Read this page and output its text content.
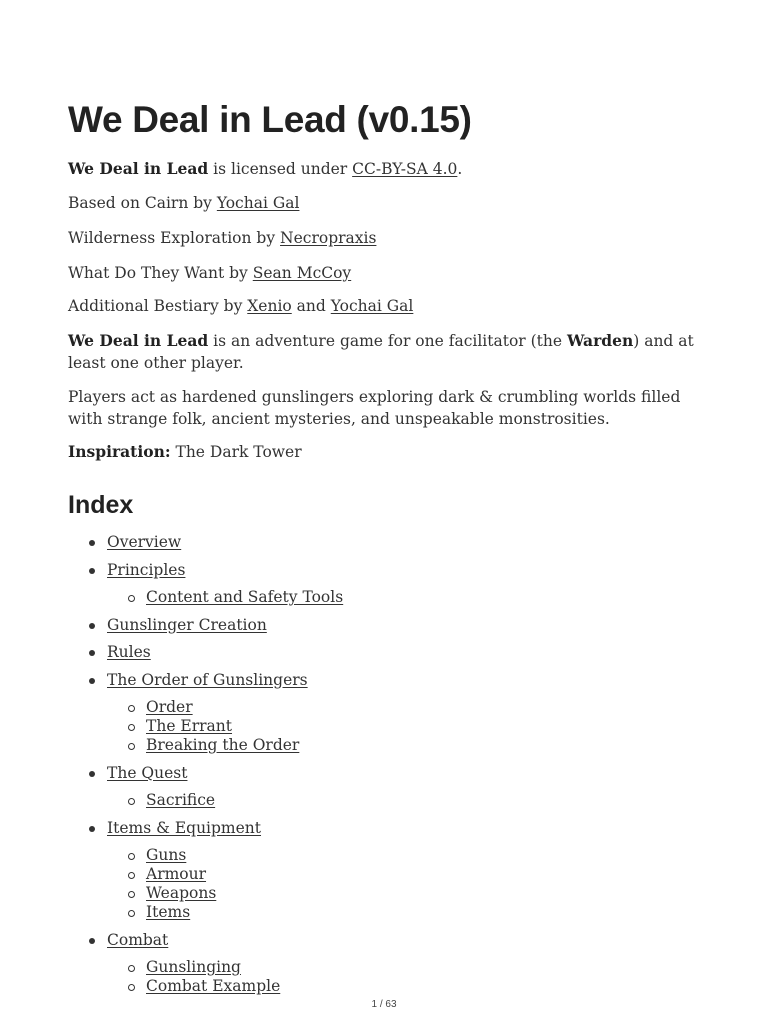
We Deal in Lead (v0.15)
We Deal in Lead is licensed under CC-BY-SA 4.0.
Based on Cairn by Yochai Gal
Wilderness Exploration by Necropraxis
What Do They Want by Sean McCoy
Additional Bestiary by Xenio and Yochai Gal
We Deal in Lead is an adventure game for one facilitator (the Warden) and at least one other player.
Players act as hardened gunslingers exploring dark & crumbling worlds filled with strange folk, ancient mysteries, and unspeakable monstrosities.
Inspiration: The Dark Tower
Index
Overview
Principles
Content and Safety Tools
Gunslinger Creation
Rules
The Order of Gunslingers
Order
The Errant
Breaking the Order
The Quest
Sacrifice
Items & Equipment
Guns
Armour
Weapons
Items
Combat
Gunslinging
Combat Example
1 / 63
